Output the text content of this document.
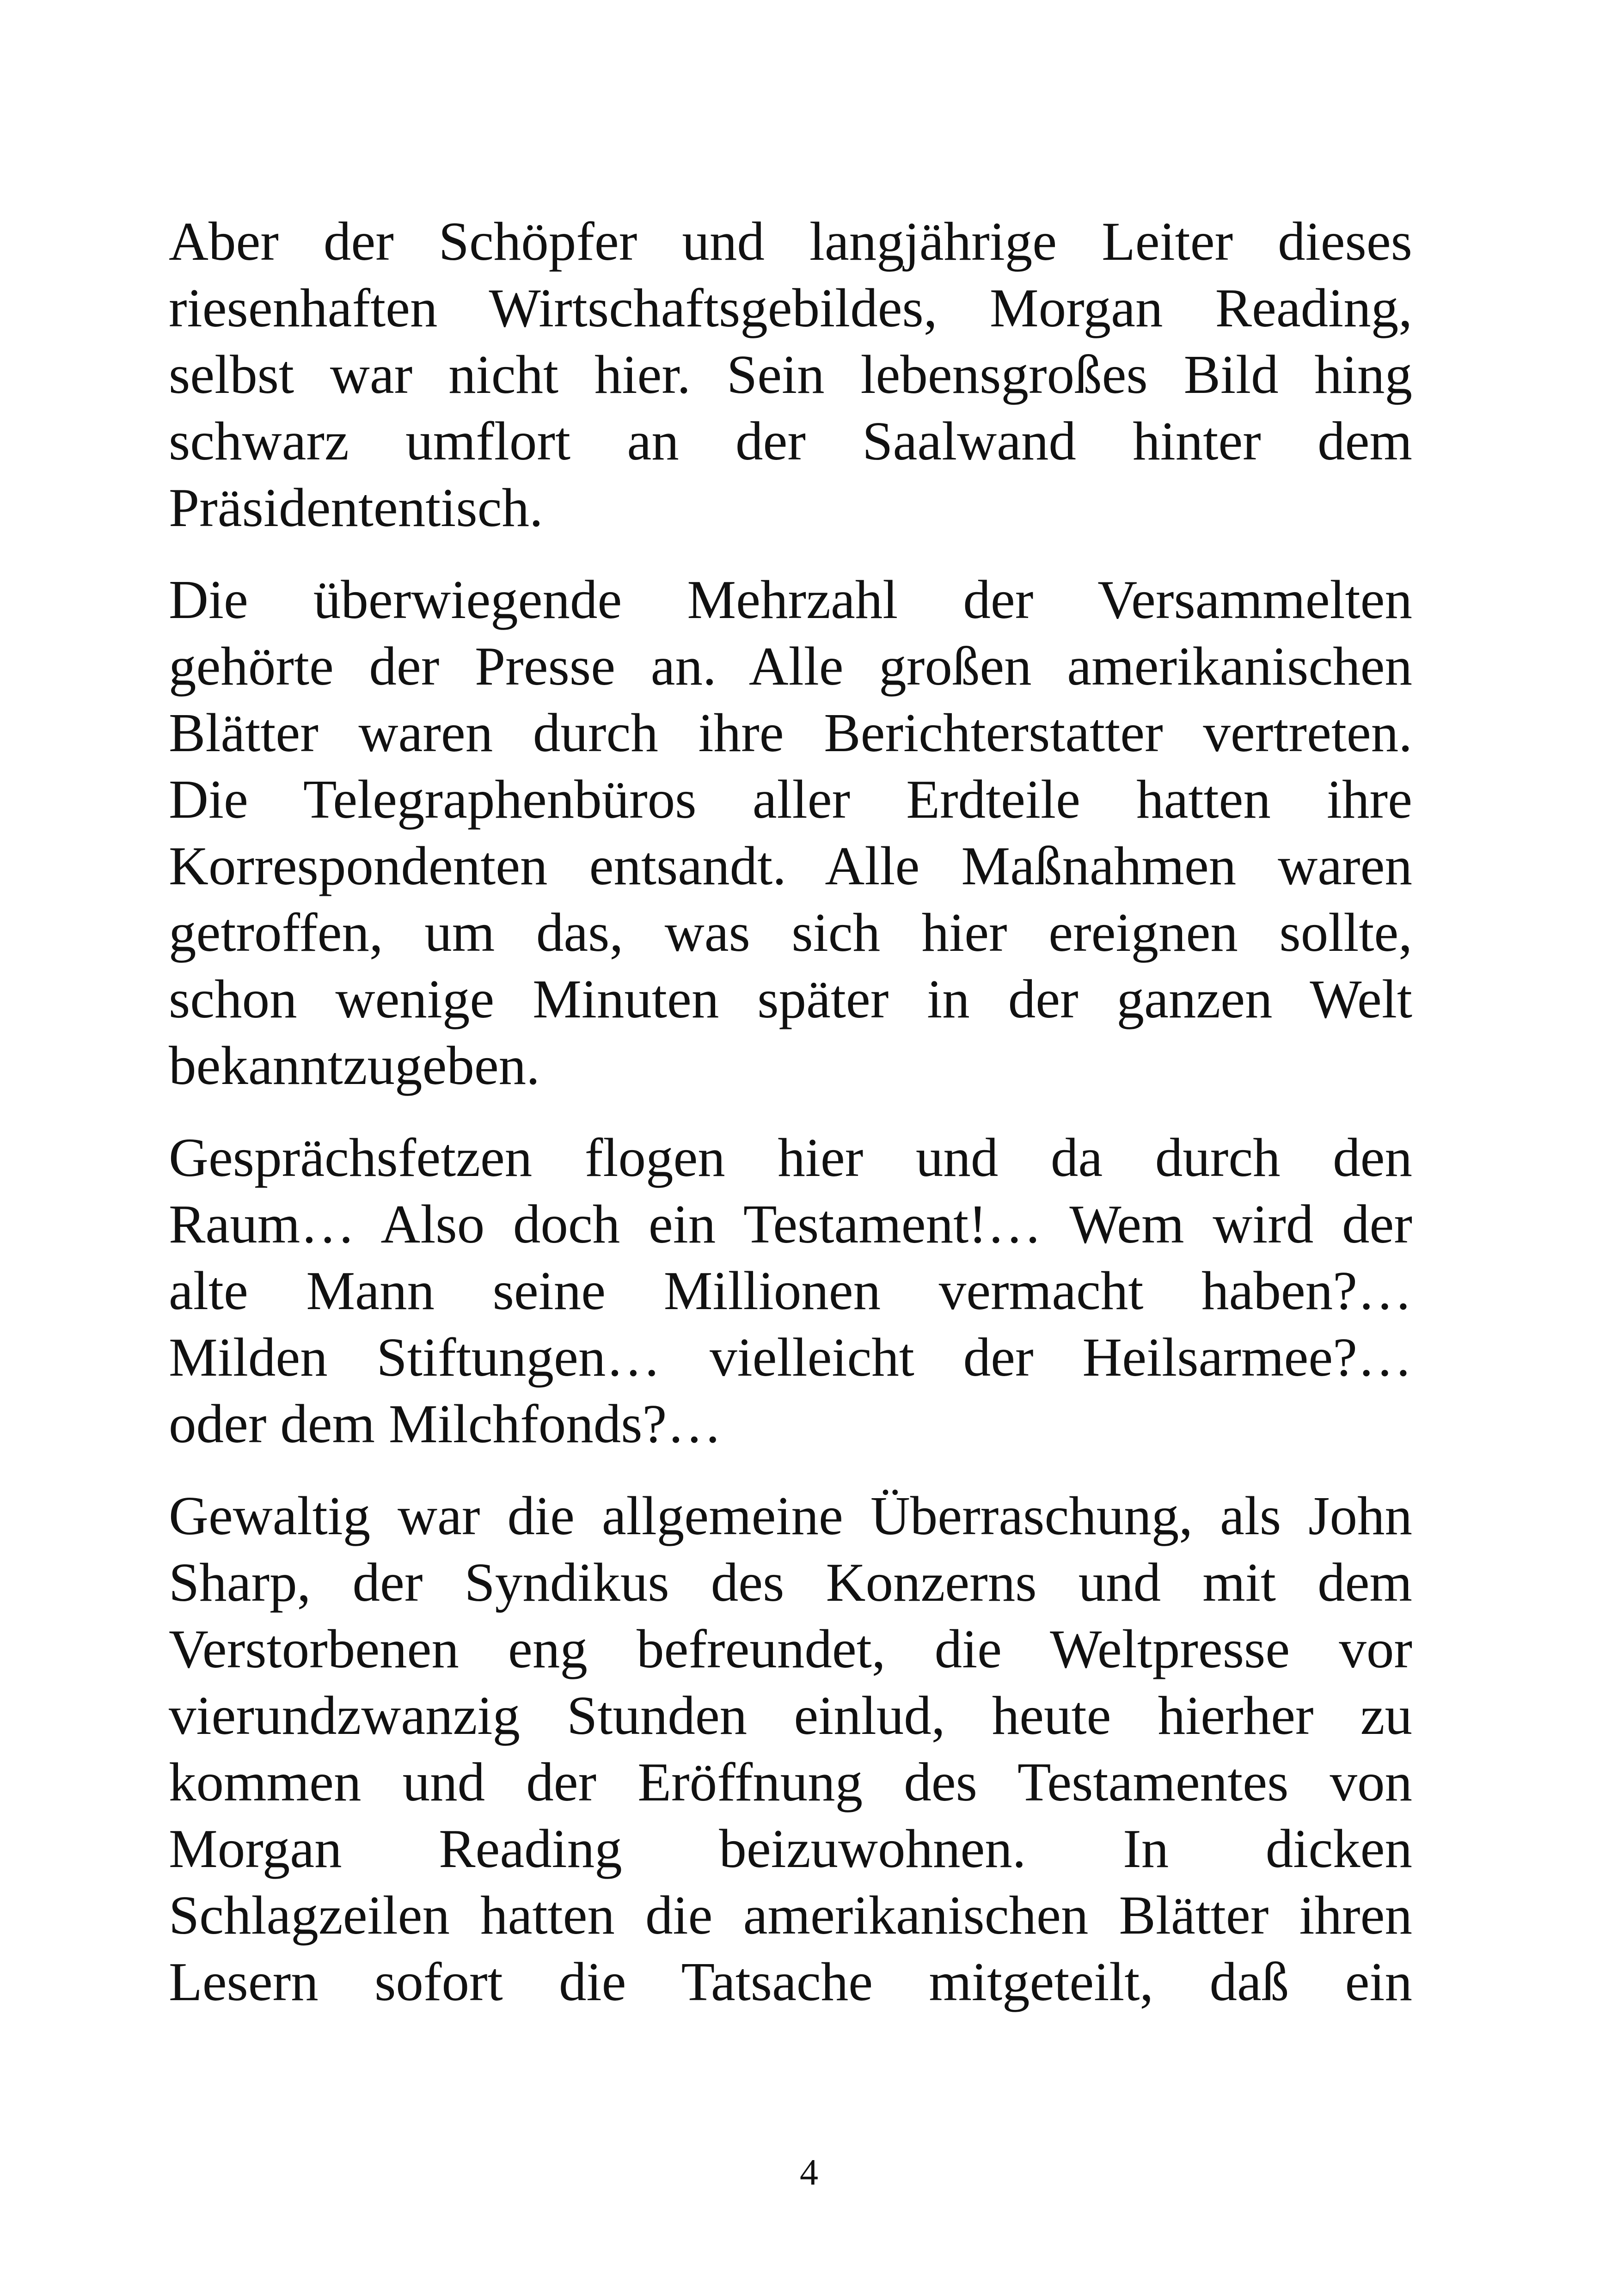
Aber der Schöpfer und langjährige Leiter dieses
riesenhaften Wirtschaftsgebildes, Morgan Reading,
selbst war nicht hier. Sein lebensgroßes Bild hing
schwarz umflort an der Saalwand hinter dem
Präsidententisch.

Die überwiegende Mehrzahl der Versammelten
gehörte der Presse an. Alle großen amerikanischen
Blätter waren durch ihre Berichterstatter vertreten.
Die Telegraphenbüros aller Erdteile hatten ihre
Korrespondenten entsandt. Alle Maßnahmen waren
getroffen, um das, was sich hier ereignen sollte,
schon wenige Minuten später in der ganzen Welt
bekanntzugeben.

Gesprächsfetzen flogen hier und da durch den
Raum… Also doch ein Testament!… Wem wird der
alte Mann seine Millionen vermacht haben?…
Milden Stiftungen… vielleicht der Heilsarmee?…
oder dem Milchfonds?…

Gewaltig war die allgemeine Überraschung, als John
Sharp, der Syndikus des Konzerns und mit dem
Verstorbenen eng befreundet, die Weltpresse vor
vierundzwanzig Stunden einlud, heute hierher zu
kommen und der Eröffnung des Testamentes von
Morgan Reading beizuwohnen. In dicken
Schlagzeilen hatten die amerikanischen Blätter ihren
Lesern sofort die Tatsache mitgeteilt, daß ein

4
